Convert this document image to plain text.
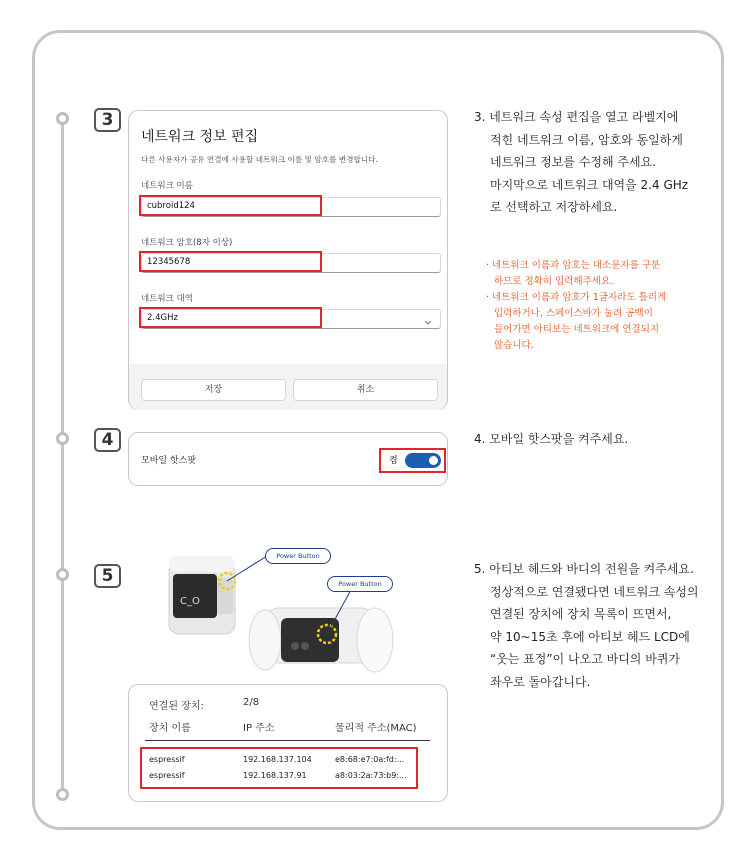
3
4
5
네트워크 정보 편집
다른 사용자가 공유 연결에 사용할 네트워크 이름 및 암호를 변경합니다.
네트워크 이름
cubroid124
네트워크 암호(8자 이상)
12345678
네트워크 대역
2.4GHz
저장	취소
모바일 핫스팟	켬
C_O
Power Button
Power Button
연결된 장치:	2/8
장치 이름	IP 주소	물리적 주소(MAC)
espressif	192.168.137.104	e8:68:e7:0a:fd:...
espressif	192.168.137.91	a8:03:2a:73:b9:...
3. 네트워크 속성 편집을 열고 라벨지에
적힌 네트워크 이름, 암호와 동일하게
네트워크 정보를 수정해 주세요.
마지막으로 네트워크 대역을 2.4 GHz
로 선택하고 저장하세요.
· 네트워크 이름과 암호는 대소문자를 구분
하므로 정확히 입력해주세요.
· 네트워크 이름과 암호가 1글자라도 틀리게
입력하거나, 스페이스바가 눌려 공백이
들어가면 아티보는 네트워크에 연결되지
않습니다.
4. 모바일 핫스팟을 켜주세요.
5. 아티보 헤드와 바디의 전원을 켜주세요.
정상적으로 연결됐다면 네트워크 속성의
연결된 장치에 장치 목록이 뜨면서,
약 10~15초 후에 아티보 헤드 LCD에
“웃는 표정”이 나오고 바디의 바퀴가
좌우로 돌아갑니다.
